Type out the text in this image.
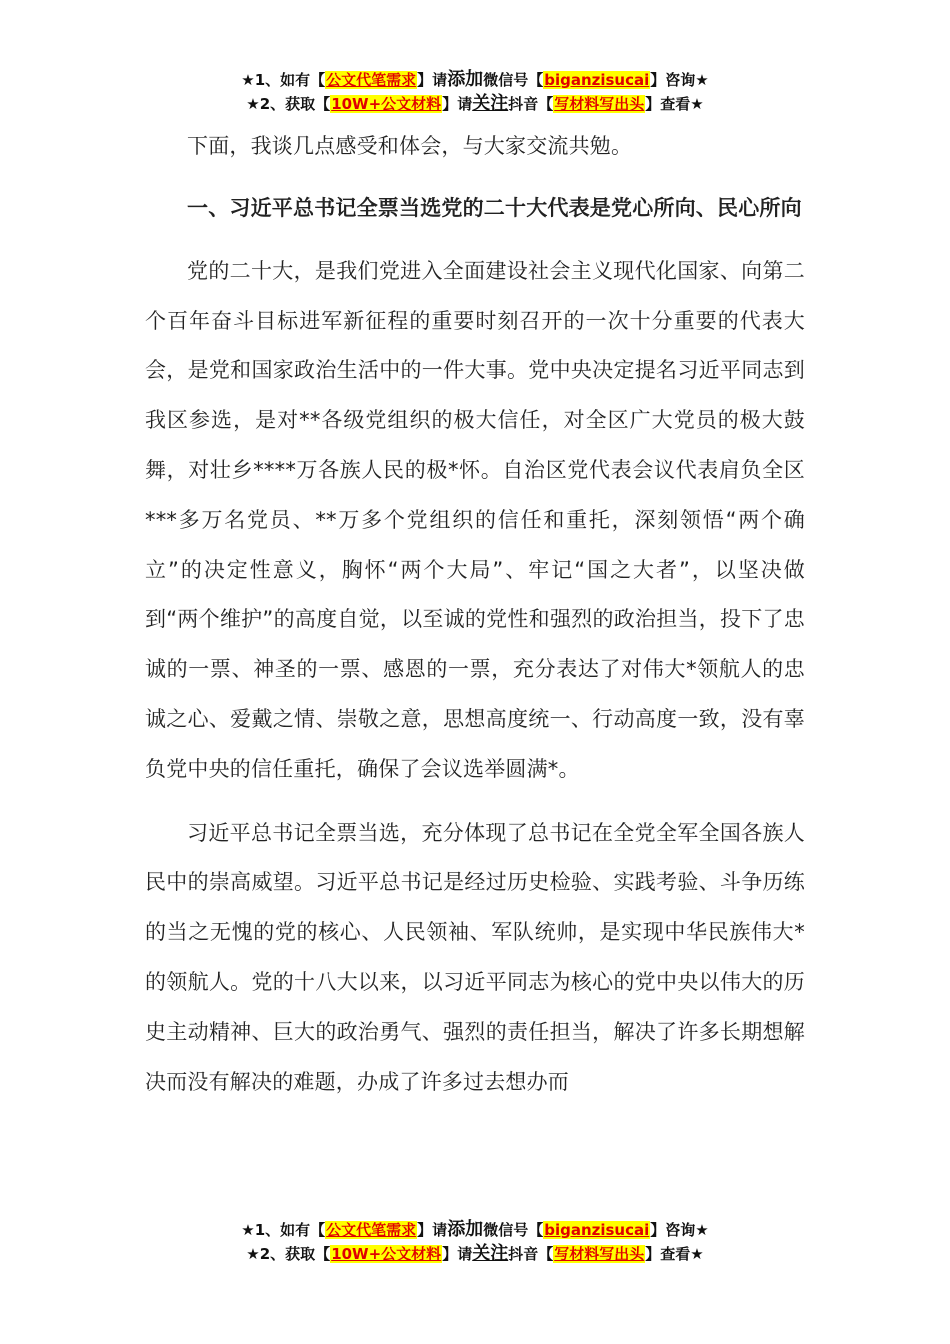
★1、如有【公文代笔需求】请添加微信号【biganzisucai】咨询★
★2、获取【10W+公文材料】请关注抖音【写材料写出头】查看★

下面，我谈几点感受和体会，与大家交流共勉。

一、习近平总书记全票当选党的二十大代表是党心所向、民心所向

党的二十大，是我们党进入全面建设社会主义现代化国家、向第二个百年奋斗目标进军新征程的重要时刻召开的一次十分重要的代表大会，是党和国家政治生活中的一件大事。党中央决定提名习近平同志到我区参选，是对**各级党组织的极大信任，对全区广大党员的极大鼓舞，对壮乡****万各族人民的极*怀。自治区党代表会议代表肩负全区***多万名党员、**万多个党组织的信任和重托，深刻领悟“两个确立”的决定性意义，胸怀“两个大局”、牢记“国之大者”，以坚决做到“两个维护”的高度自觉，以至诚的党性和强烈的政治担当，投下了忠诚的一票、神圣的一票、感恩的一票，充分表达了对伟大*领航人的忠诚之心、爱戴之情、崇敬之意，思想高度统一、行动高度一致，没有辜负党中央的信任重托，确保了会议选举圆满*。

习近平总书记全票当选，充分体现了总书记在全党全军全国各族人民中的崇高威望。习近平总书记是经过历史检验、实践考验、斗争历练的当之无愧的党的核心、人民领袖、军队统帅，是实现中华民族伟大*的领航人。党的十八大以来，以习近平同志为核心的党中央以伟大的历史主动精神、巨大的政治勇气、强烈的责任担当，解决了许多长期想解决而没有解决的难题，办成了许多过去想办而

★1、如有【公文代笔需求】请添加微信号【biganzisucai】咨询★
★2、获取【10W+公文材料】请关注抖音【写材料写出头】查看★
